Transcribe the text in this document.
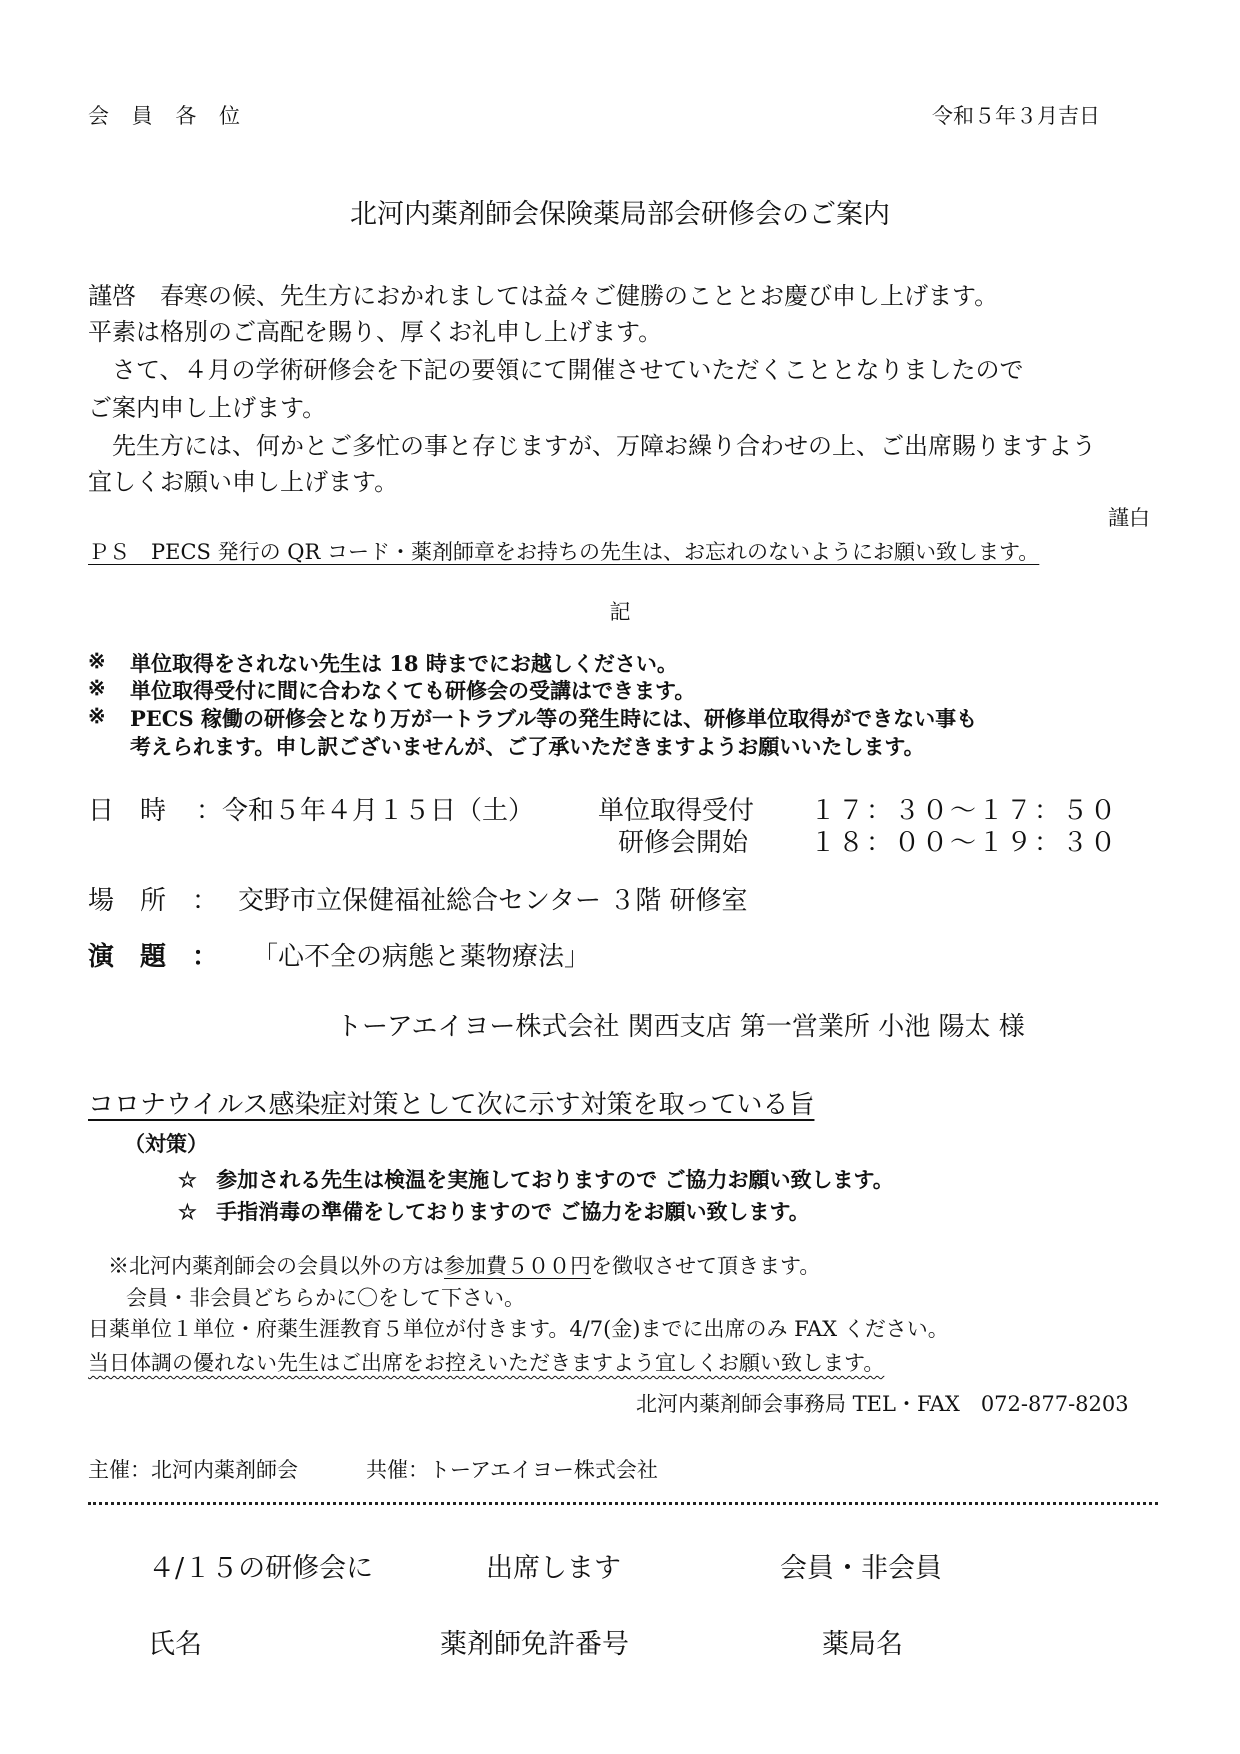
会 員 各 位	令和５年３月吉日
北河内薬剤師会保険薬局部会研修会のご案内
謹啓　春寒の候、先生方におかれましては益々ご健勝のこととお慶び申し上げます。
平素は格別のご高配を賜り、厚くお礼申し上げます。
　さて、４月の学術研修会を下記の要領にて開催させていただくこととなりましたので
ご案内申し上げます。
　先生方には、何かとご多忙の事と存じますが、万障お繰り合わせの上、ご出席賜りますよう
宜しくお願い申し上げます。
謹白
ＰＳ　PECS 発行の QR コード・薬剤師章をお持ちの先生は、お忘れのないようにお願い致します。
記
※	単位取得をされない先生は 18 時までにお越しください。
※	単位取得受付に間に合わなくても研修会の受講はできます。
※	PECS 稼働の研修会となり万が一トラブル等の発生時には、研修単位取得ができない事も
考えられます。申し訳ございませんが、ご了承いただきますようお願いいたします。
日　時 ：令和５年４月１５日（土） 単位取得受付 １７：３０〜１７：５０
研修会開始 １８：００〜１９：３０
場　所　： 交野市立保健福祉総合センター ３階 研修室
演　題　： 「心不全の病態と薬物療法」
トーアエイヨー株式会社 関西支店 第一営業所 小池 陽太 様
コロナウイルス感染症対策として次に示す対策を取っている旨
（対策）
☆ 参加される先生は検温を実施しておりますので ご協力お願い致します。
☆ 手指消毒の準備をしておりますので ご協力をお願い致します。
※北河内薬剤師会の会員以外の方は参加費５００円を徴収させて頂きます。
会員・非会員どちらかに〇をして下さい。
日薬単位１単位・府薬生涯教育５単位が付きます。4/7(金)までに出席のみ FAX ください。
当日体調の優れない先生はご出席をお控えいただきますよう宜しくお願い致します。
北河内薬剤師会事務局 TEL・FAX　072-877-8203
主催：北河内薬剤師会	共催：トーアエイヨー株式会社
４/１５の研修会に	出席します	会員・非会員
氏名	薬剤師免許番号	薬局名
